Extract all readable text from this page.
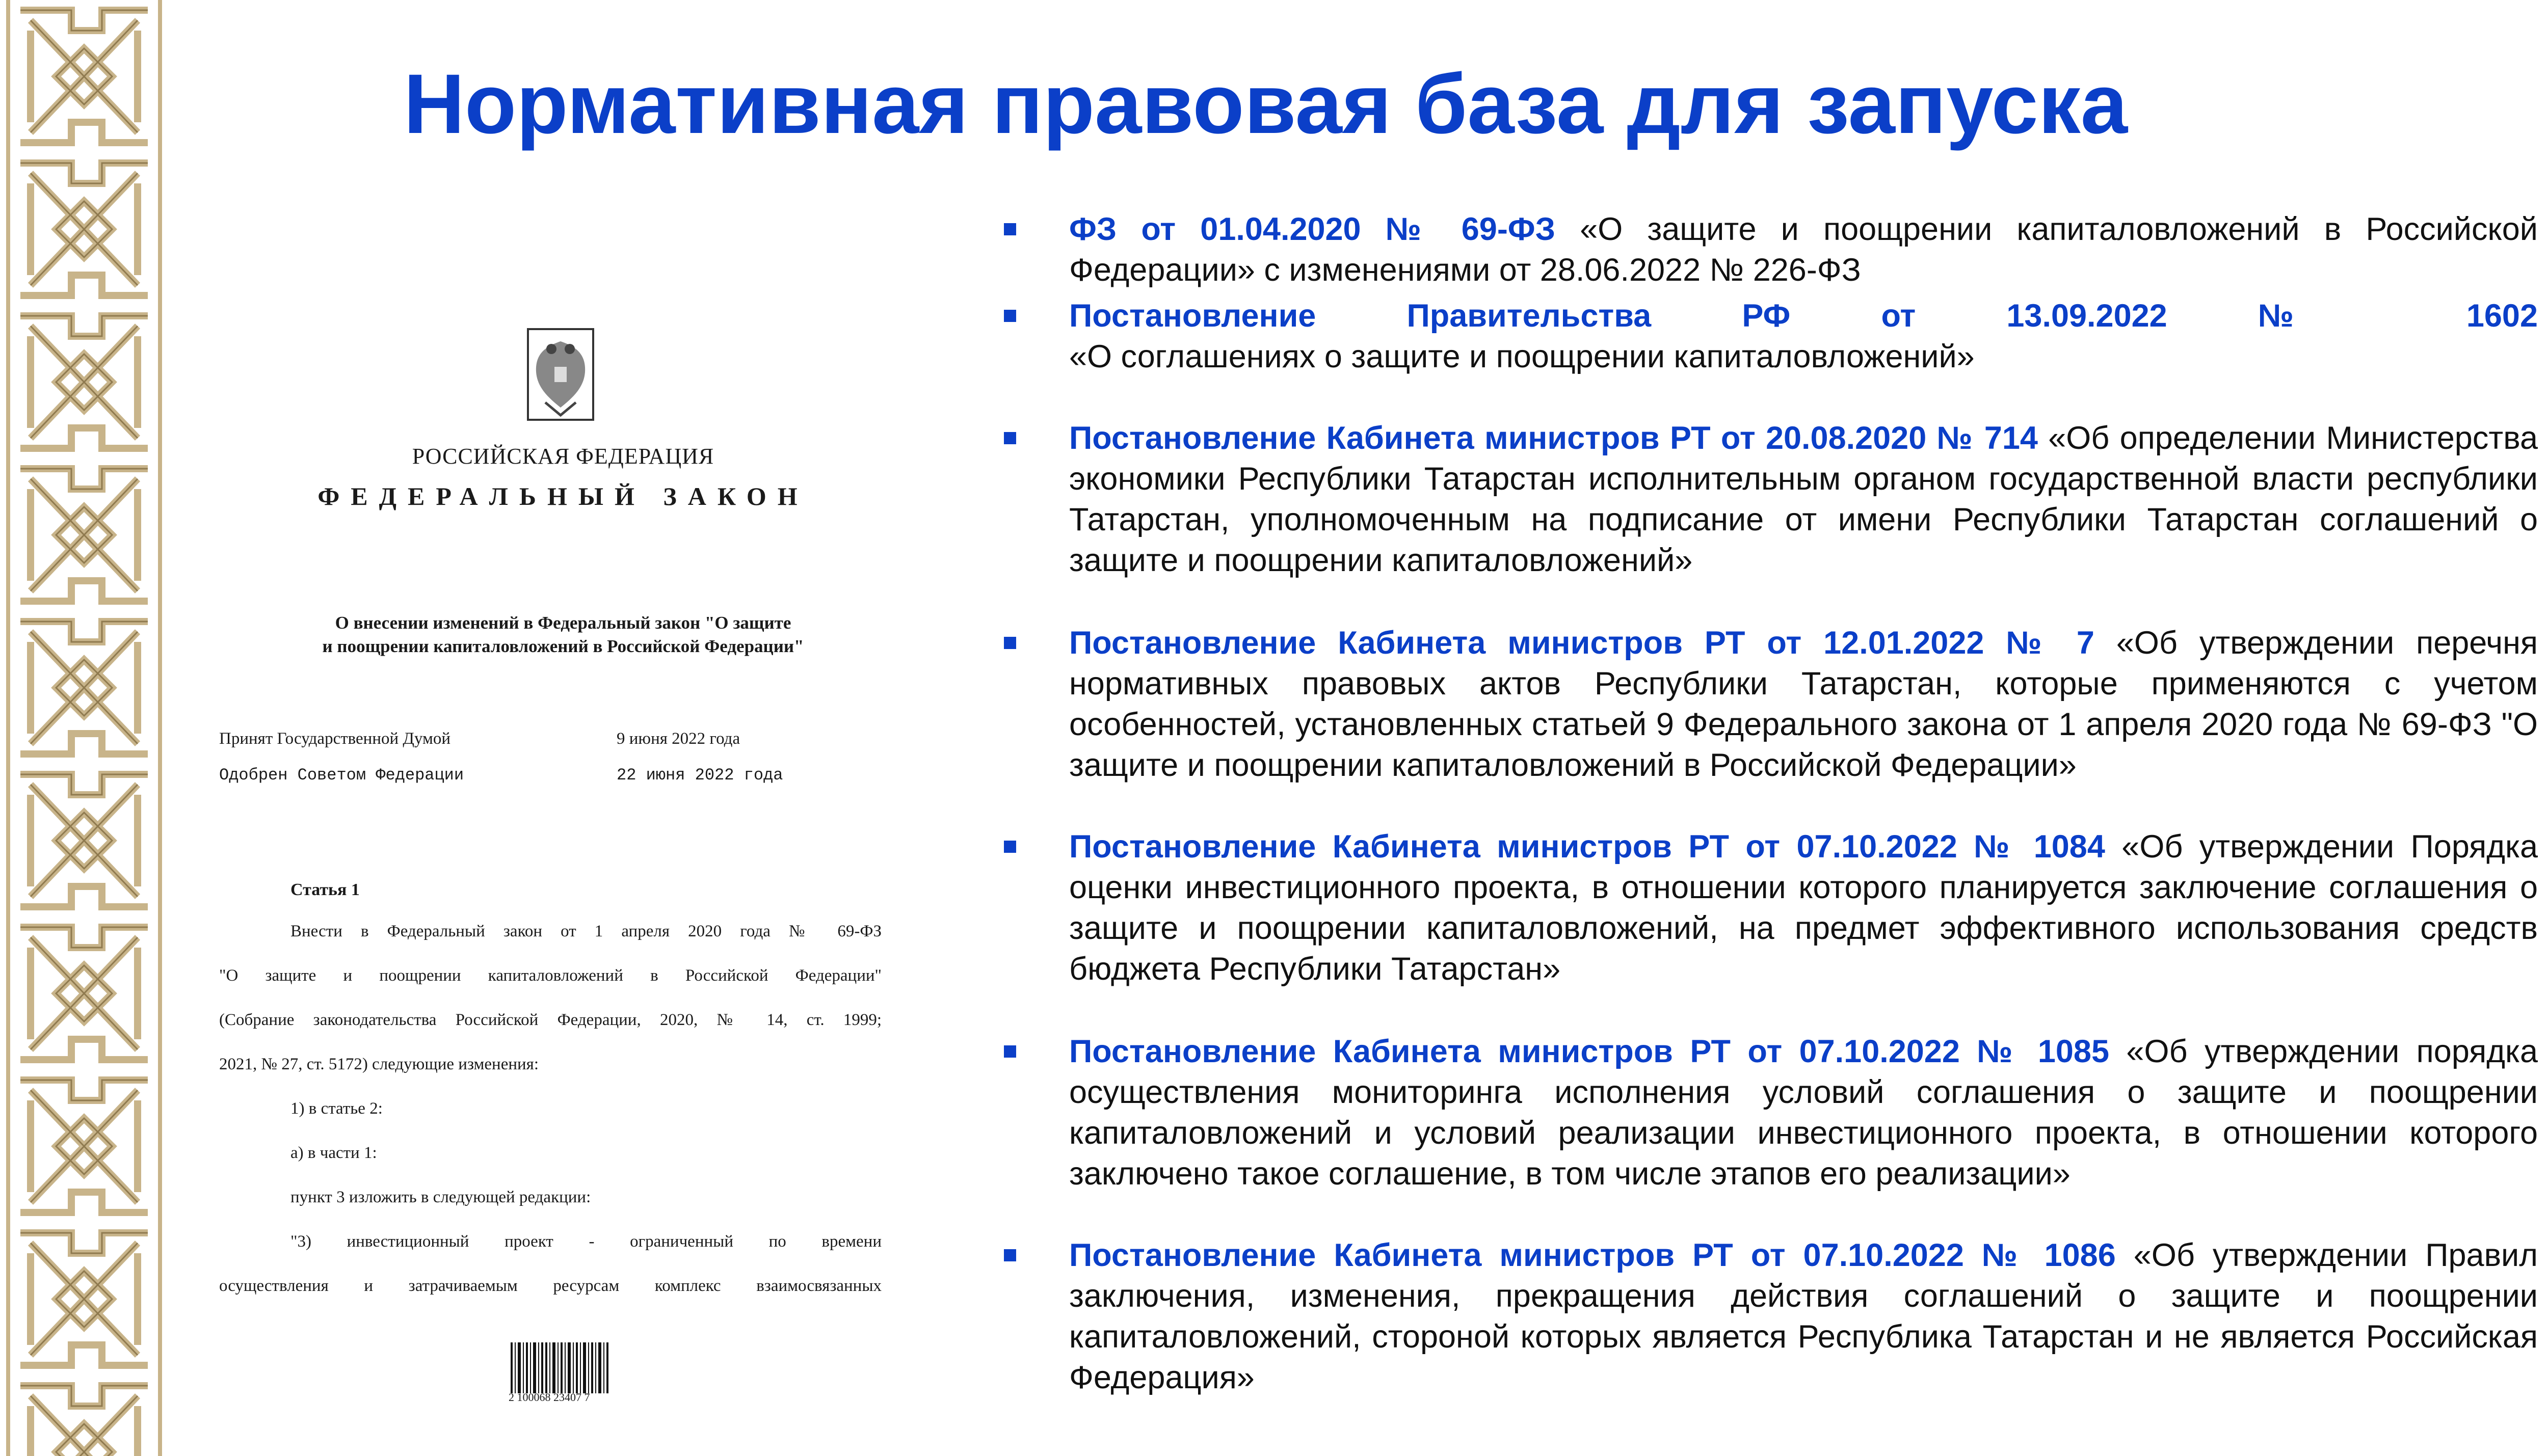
Нормативная правовая база для запуска
РОССИЙСКАЯ ФЕДЕРАЦИЯ
ФЕДЕРАЛЬНЫЙ ЗАКОН
О внесении изменений в Федеральный закон "О защите
и поощрении капиталовложений в Российской Федерации"
Принят Государственной Думой	9 июня 2022 года
Одобрен Советом Федерации	22 июня 2022 года
Статья 1
Внести в Федеральный закон от 1 апреля 2020 года № 69-ФЗ
"О защите и поощрении капиталовложений в Российской Федерации"
(Собрание законодательства Российской Федерации, 2020, № 14, ст. 1999;
2021, № 27, ст. 5172) следующие изменения:
1) в статье 2:
а) в части 1:
пункт 3 изложить в следующей редакции:
"3) инвестиционный проект - ограниченный по времени
осуществления и затрачиваемым ресурсам комплекс взаимосвязанных
2 100068 23407 7
ФЗ от 01.04.2020 № 69-ФЗ «О защите и поощрении капиталовложений в Российской Федерации» с изменениями от 28.06.2022 № 226-ФЗ
Постановление Правительства РФ от 13.09.2022 № 1602
«О соглашениях о защите и поощрении капиталовложений»
Постановление Кабинета министров РТ от 20.08.2020 № 714 «Об определении Министерства экономики Республики Татарстан исполнительным органом государственной власти республики Татарстан, уполномоченным на подписание от имени Республики Татарстан соглашений о защите и поощрении капиталовложений»
Постановление Кабинета министров РТ от 12.01.2022 № 7 «Об утверждении перечня нормативных правовых актов Республики Татарстан, которые применяются с учетом особенностей, установленных статьей 9 Федерального закона от 1 апреля 2020 года № 69-ФЗ "О защите и поощрении капиталовложений в Российской Федерации»
Постановление Кабинета министров РТ от 07.10.2022 № 1084 «Об утверждении Порядка оценки инвестиционного проекта, в отношении которого планируется заключение соглашения о защите и поощрении капиталовложений, на предмет эффективного использования средств бюджета Республики Татарстан»
Постановление Кабинета министров РТ от 07.10.2022 № 1085 «Об утверждении порядка осуществления мониторинга исполнения условий соглашения о защите и поощрении капиталовложений и условий реализации инвестиционного проекта, в отношении которого заключено такое соглашение, в том числе этапов его реализации»
Постановление Кабинета министров РТ от 07.10.2022 № 1086 «Об утверждении Правил заключения, изменения, прекращения действия соглашений о защите и поощрении капиталовложений, стороной которых является Республика Татарстан и не является Российская Федерация»
